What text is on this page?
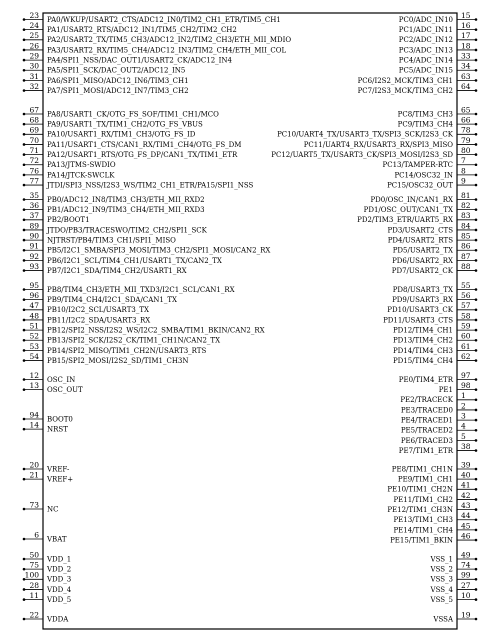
23 PA0/WKUP/USART2_CTS/ADC12_IN0/TIM2_CH1_ETR/TIM5_CH1
24 PA1/USART2_RTS/ADC12_IN1/TIM5_CH2/TIM2_CH2
25 PA2/USART2_TX/TIM5_CH3/ADC12_IN2/TIM2_CH3/ETH_MII_MDIO
26 PA3/USART2_RX/TIM5_CH4/ADC12_IN3/TIM2_CH4/ETH_MII_COL
29 PA4/SPI1_NSS/DAC_OUT1/USART2_CK/ADC12_IN4
30 PA5/SPI1_SCK/DAC_OUT2/ADC12_IN5
31 PA6/SPI1_MISO/ADC12_IN6/TIM3_CH1
32 PA7/SPI1_MOSI/ADC12_IN7/TIM3_CH2
67 PA8/USART1_CK/OTG_FS_SOF/TIM1_CH1/MCO
68 PA9/USART1_TX/TIM1_CH2/OTG_FS_VBUS
69 PA10/USART1_RX/TIM1_CH3/OTG_FS_ID
70 PA11/USART1_CTS/CAN1_RX/TIM1_CH4/OTG_FS_DM
71 PA12/USART1_RTS/OTG_FS_DP/CAN1_TX/TIM1_ETR
72 PA13/JTMS-SWDIO
76 PA14/JTCK-SWCLK
77 JTDI/SPI3_NSS/I2S3_WS/TIM2_CH1_ETR/PA15/SPI1_NSS
35 PB0/ADC12_IN8/TIM3_CH3/ETH_MII_RXD2
36 PB1/ADC12_IN9/TIM3_CH4/ETH_MII_RXD3
37 PB2/BOOT1
89 JTDO/PB3/TRACESWO/TIM2_CH2/SPI1_SCK
90 NJTRST/PB4/TIM3_CH1/SPI1_MISO
91 PB5/I2C1_SMBA/SPI3_MOSI/TIM3_CH2/SPI1_MOSI/CAN2_RX
92 PB6/I2C1_SCL/TIM4_CH1/USART1_TX/CAN2_TX
93 PB7/I2C1_SDA/TIM4_CH2/USART1_RX
95 PB8/TIM4_CH3/ETH_MII_TXD3/I2C1_SCL/CAN1_RX
96 PB9/TIM4_CH4/I2C1_SDA/CAN1_TX
47 PB10/I2C2_SCL/USART3_TX
48 PB11/I2C2_SDA/USART3_RX
51 PB12/SPI2_NSS/I2S2_WS/I2C2_SMBA/TIM1_BKIN/CAN2_RX
52 PB13/SPI2_SCK/I2S2_CK/TIM1_CH1N/CAN2_TX
53 PB14/SPI2_MISO/TIM1_CH2N/USART3_RTS
54 PB15/SPI2_MOSI/I2S2_SD/TIM1_CH3N
12 OSC_IN
13 OSC_OUT
94 BOOT0
14 NRST
20 VREF-
21 VREF+
73
NC
6 VBAT
50 VDD_1
75 VDD_2
100 VDD_3
28 VDD_4
11 VDD_5
22 VDDA
15
PC0/ADC_IN10
16
PC1/ADC_IN11
17
PC2/ADC_IN12
18
PC3/ADC_IN13
33
PC4/ADC_IN14
34
PC5/ADC_IN15
63
PC6/I2S2_MCK/TIM3_CH1
64
PC7/I2S3_MCK/TIM3_CH2
65
PC8/TIM3_CH3
66
PC9/TIM3_CH4
78
PC10/UART4_TX/USART3_TX/SPI3_SCK/I2S3_CK
79
PC11/UART4_RX/USART3_RX/SPI3_MISO
80
PC12/UART5_TX/USART3_CK/SPI3_MOSI/I2S3_SD
7
PC13/TAMPER-RTC
8
PC14/OSC32_IN
9
PC15/OSC32_OUT
81
PD0/OSC_IN/CAN1_RX
82
PD1/OSC_OUT/CAN1_TX
83
PD2/TIM3_ETR/UART5_RX
84
PD3/USART2_CTS
85
PD4/USART2_RTS
86
PD5/USART2_TX
87
PD6/USART2_RX
88
PD7/USART2_CK
55
PD8/USART3_TX
56
PD9/USART3_RX
57
PD10/USART3_CK
58
PD11/USART3_CTS
59
PD12/TIM4_CH1
60
PD13/TIM4_CH2
61
PD14/TIM4_CH3
62
PD15/TIM4_CH4
97
PE0/TIM4_ETR
98
PE1
1
PE2/TRACECK
2
PE3/TRACED0
3
PE4/TRACED1
4
PE5/TRACED2
5
PE6/TRACED3
38
PE7/TIM1_ETR
39
PE8/TIM1_CH1N
40
PE9/TIM1_CH1
41
PE10/TIM1_CH2N
42
PE11/TIM1_CH2
43
PE12/TIM1_CH3N
44
PE13/TIM1_CH3
45
PE14/TIM1_CH4
46
PE15/TIM1_BKIN
49
VSS_1
74
VSS_2
99
VSS_3
27
VSS_4
10
VSS_5
19
VSSA
